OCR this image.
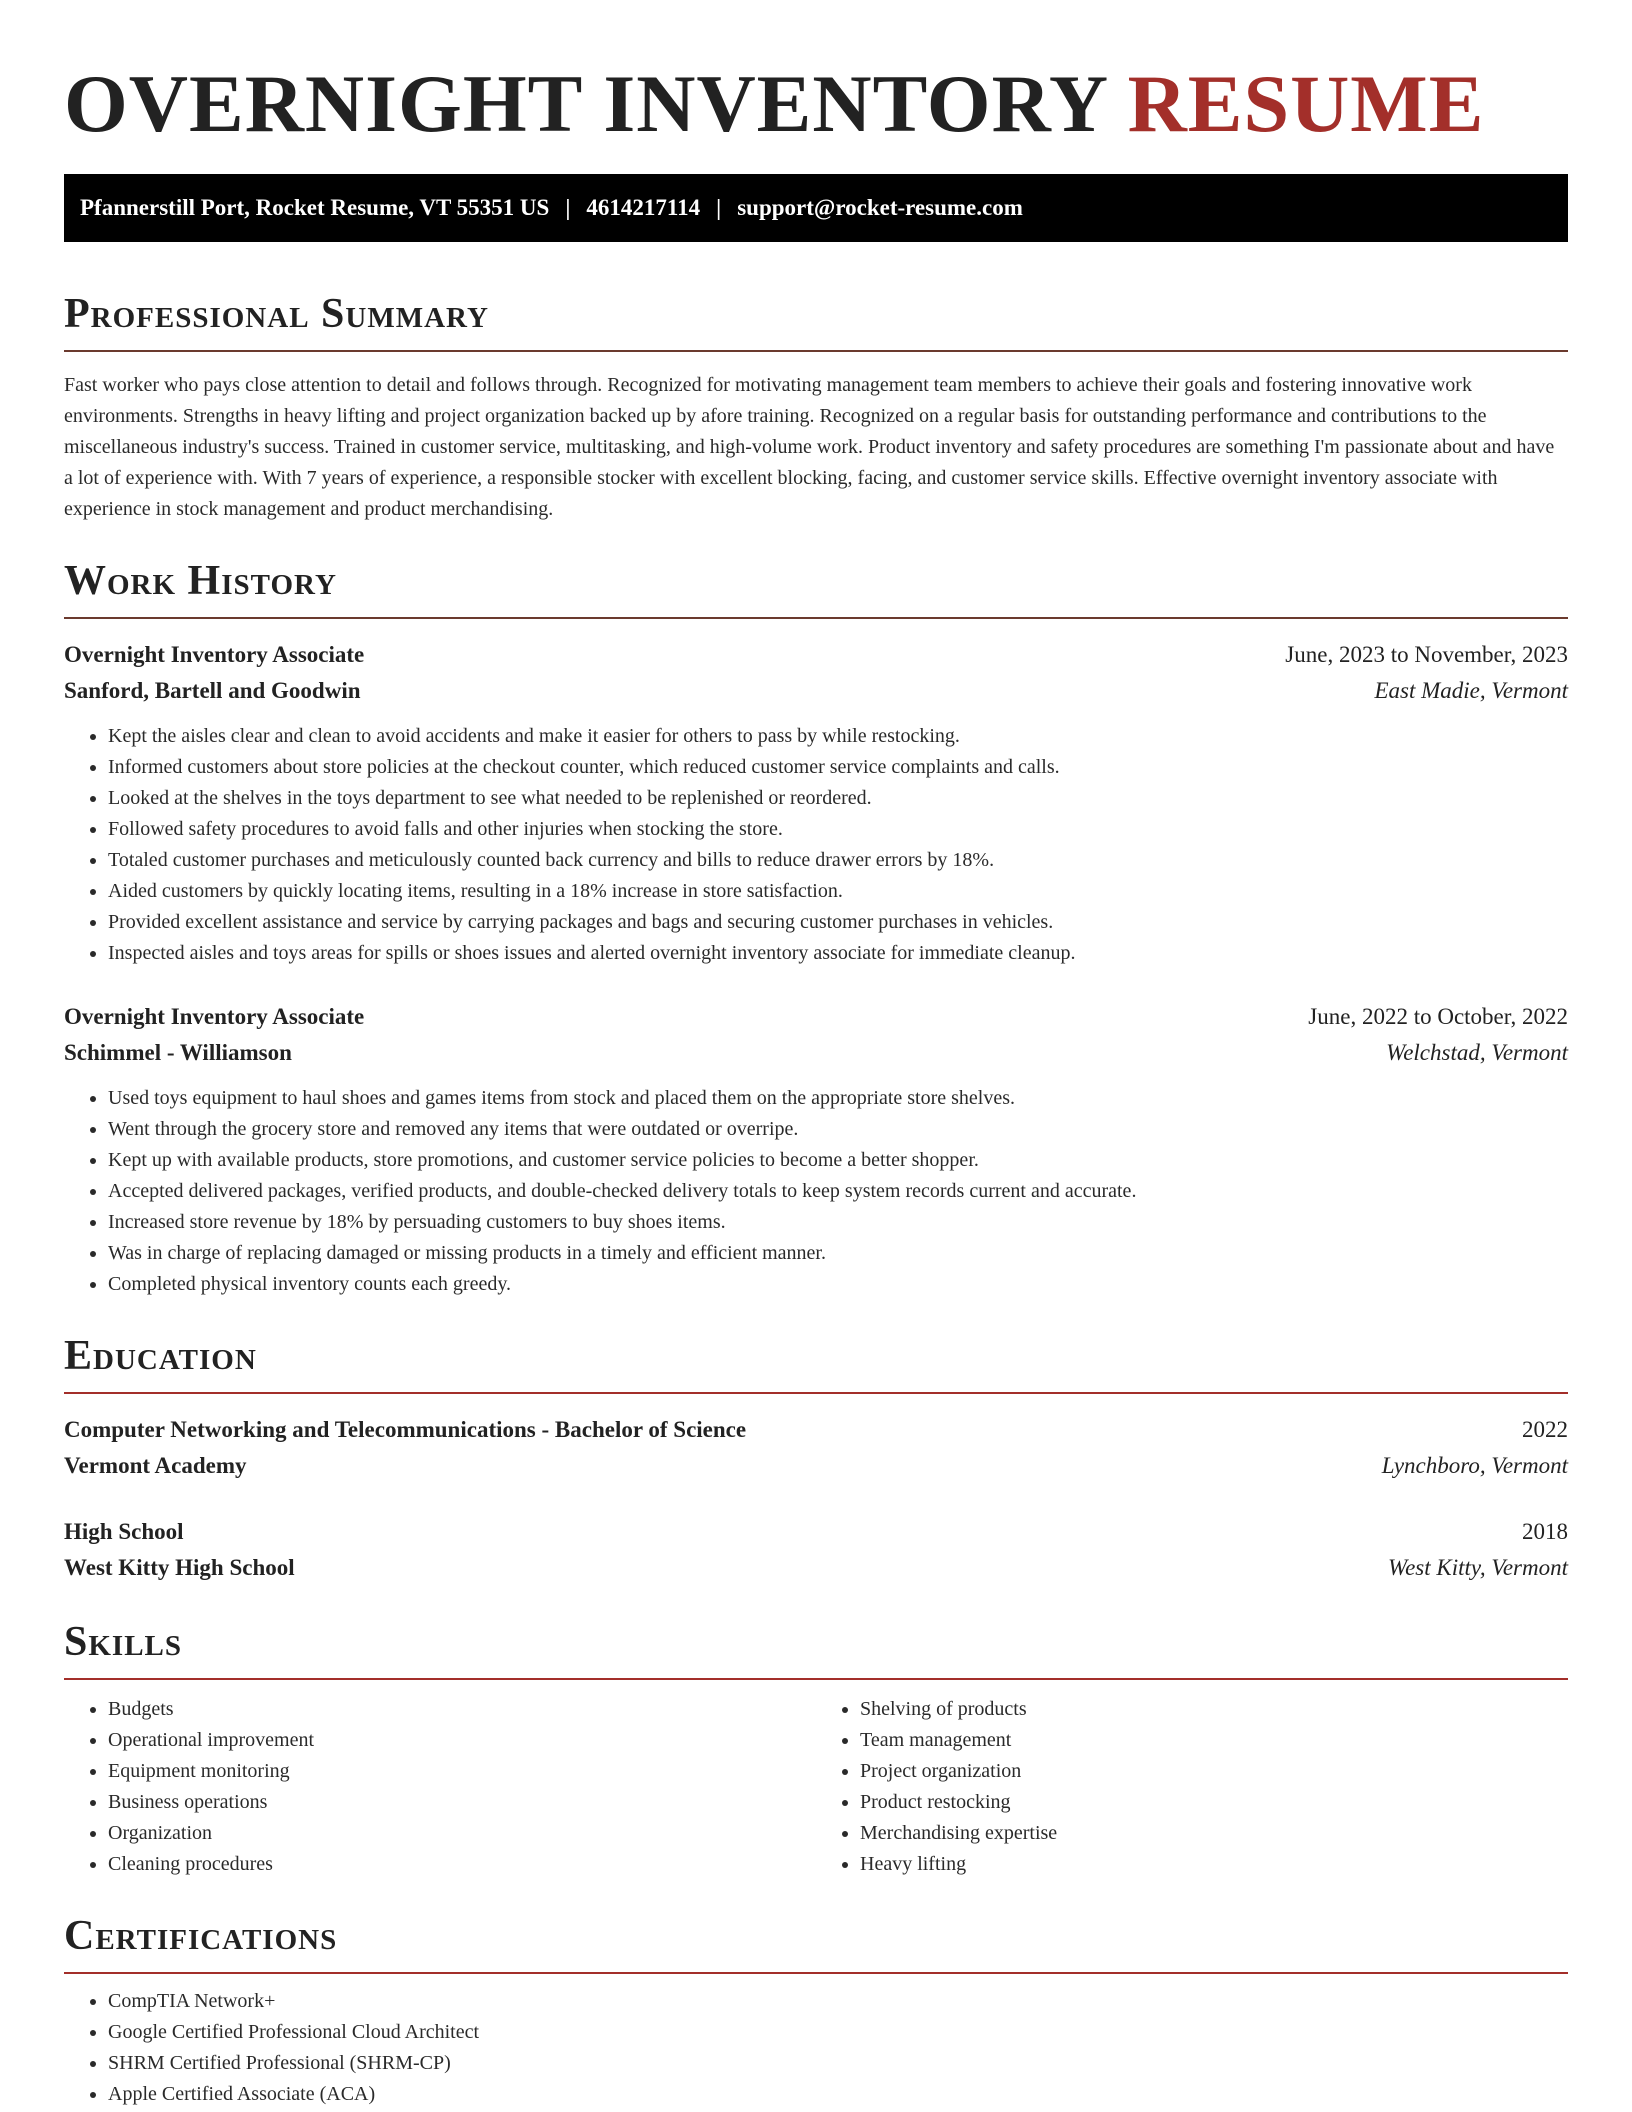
OVERNIGHT INVENTORY RESUME
Pfannerstill Port, Rocket Resume, VT 55351 US | 4614217114 | support@rocket-resume.com
Professional Summary

Fast worker who pays close attention to detail and follows through. Recognized for motivating management team members to achieve their goals and fostering innovative work environments. Strengths in heavy lifting and project organization backed up by afore training. Recognized on a regular basis for outstanding performance and contributions to the miscellaneous industry's success. Trained in customer service, multitasking, and high-volume work. Product inventory and safety procedures are something I'm passionate about and have a lot of experience with. With 7 years of experience, a responsible stocker with excellent blocking, facing, and customer service skills. Effective overnight inventory associate with experience in stock management and product merchandising.

Work History
Overnight Inventory Associate	June, 2023 to November, 2023
Sanford, Bartell and Goodwin	East Madie, Vermont
• Kept the aisles clear and clean to avoid accidents and make it easier for others to pass by while restocking.
• Informed customers about store policies at the checkout counter, which reduced customer service complaints and calls.
• Looked at the shelves in the toys department to see what needed to be replenished or reordered.
• Followed safety procedures to avoid falls and other injuries when stocking the store.
• Totaled customer purchases and meticulously counted back currency and bills to reduce drawer errors by 18%.
• Aided customers by quickly locating items, resulting in a 18% increase in store satisfaction.
• Provided excellent assistance and service by carrying packages and bags and securing customer purchases in vehicles.
• Inspected aisles and toys areas for spills or shoes issues and alerted overnight inventory associate for immediate cleanup.
Overnight Inventory Associate	June, 2022 to October, 2022
Schimmel - Williamson	Welchstad, Vermont
• Used toys equipment to haul shoes and games items from stock and placed them on the appropriate store shelves.
• Went through the grocery store and removed any items that were outdated or overripe.
• Kept up with available products, store promotions, and customer service policies to become a better shopper.
• Accepted delivered packages, verified products, and double-checked delivery totals to keep system records current and accurate.
• Increased store revenue by 18% by persuading customers to buy shoes items.
• Was in charge of replacing damaged or missing products in a timely and efficient manner.
• Completed physical inventory counts each greedy.
Education
Computer Networking and Telecommunications - Bachelor of Science	2022
Vermont Academy	Lynchboro, Vermont
High School	2018
West Kitty High School	West Kitty, Vermont
Skills
• Budgets
• Operational improvement
• Equipment monitoring
• Business operations
• Organization
• Cleaning procedures
• Shelving of products
• Team management
• Project organization
• Product restocking
• Merchandising expertise
• Heavy lifting
Certifications
• CompTIA Network+
• Google Certified Professional Cloud Architect
• SHRM Certified Professional (SHRM-CP)
• Apple Certified Associate (ACA)
